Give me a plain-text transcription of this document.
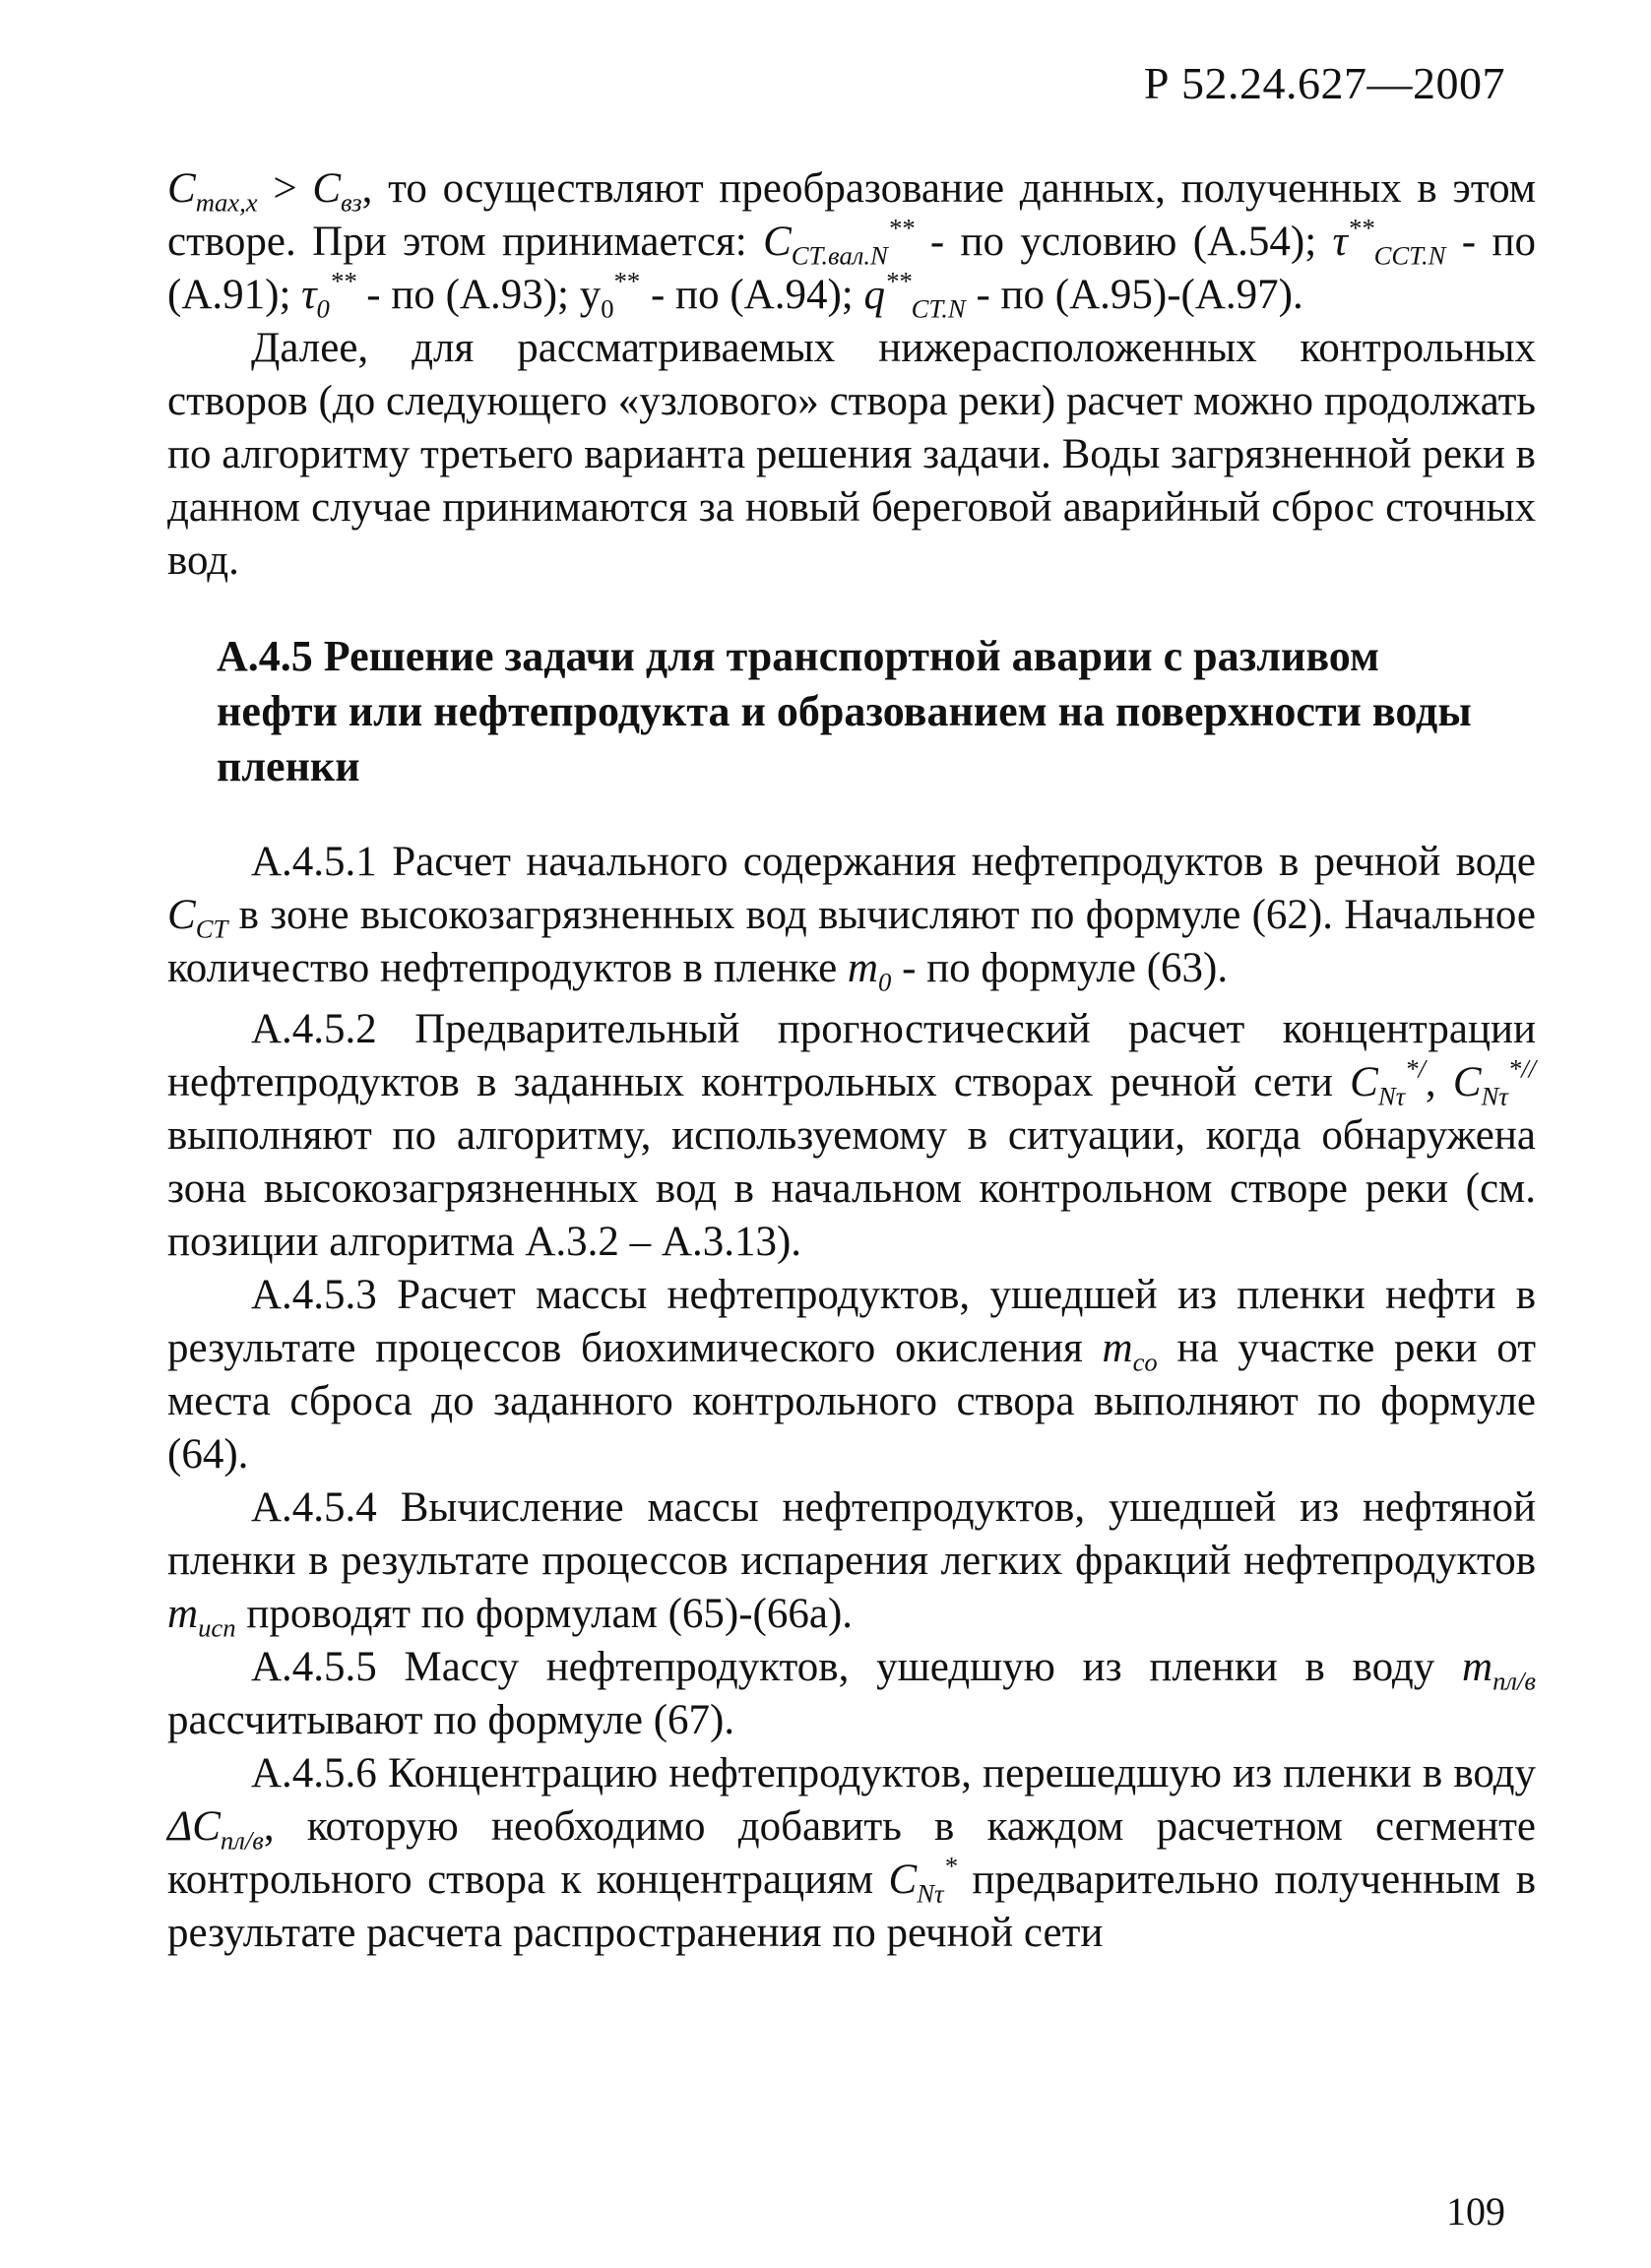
Р 52.24.627—2007

$C_{max,x} > C_{вз}$, то осуществляют преобразование данных, полученных в этом створе. При этом принимается: $C_{CT.вал.N}^{**}$ - по условию (А.54); $\tau^{**}_{CCT.N}$ - по (А.91); $\tau_0^{**}$ - по (А.93); $y_0^{**}$ - по (А.94); $q^{**}_{CT.N}$ - по (А.95)-(А.97).

Далее, для рассматриваемых нижерасположенных контрольных створов (до следующего «узлового» створа реки) расчет можно продолжать по алгоритму третьего варианта решения задачи. Воды загрязненной реки в данном случае принимаются за новый береговой аварийный сброс сточных вод.

А.4.5 Решение задачи для транспортной аварии с разливом нефти или нефтепродукта и образованием на поверхности воды пленки

А.4.5.1 Расчет начального содержания нефтепродуктов в речной воде $C_{CT}$ в зоне высокозагрязненных вод вычисляют по формуле (62). Начальное количество нефтепродуктов в пленке $m_0$ - по формуле (63).

А.4.5.2 Предварительный прогностический расчет концентрации нефтепродуктов в заданных контрольных створах речной сети $C_{N\tau}^{*/}$, $C_{N\tau}^{*//}$ выполняют по алгоритму, используемому в ситуации, когда обнаружена зона высокозагрязненных вод в начальном контрольном створе реки (см. позиции алгоритма А.3.2 – А.3.13).

А.4.5.3 Расчет массы нефтепродуктов, ушедшей из пленки нефти в результате процессов биохимического окисления $m_{co}$ на участке реки от места сброса до заданного контрольного створа выполняют по формуле (64).

А.4.5.4 Вычисление массы нефтепродуктов, ушедшей из нефтяной пленки в результате процессов испарения легких фракций нефтепродуктов $m_{исп}$ проводят по формулам (65)-(66а).

А.4.5.5 Массу нефтепродуктов, ушедшую из пленки в воду $m_{пл/в}$ рассчитывают по формуле (67).

А.4.5.6 Концентрацию нефтепродуктов, перешедшую из пленки в воду $\Delta C_{пл/в}$, которую необходимо добавить в каждом расчетном сегменте контрольного створа к концентрациям $C_{N\tau}^*$ предварительно полученным в результате расчета распространения по речной сети

109
